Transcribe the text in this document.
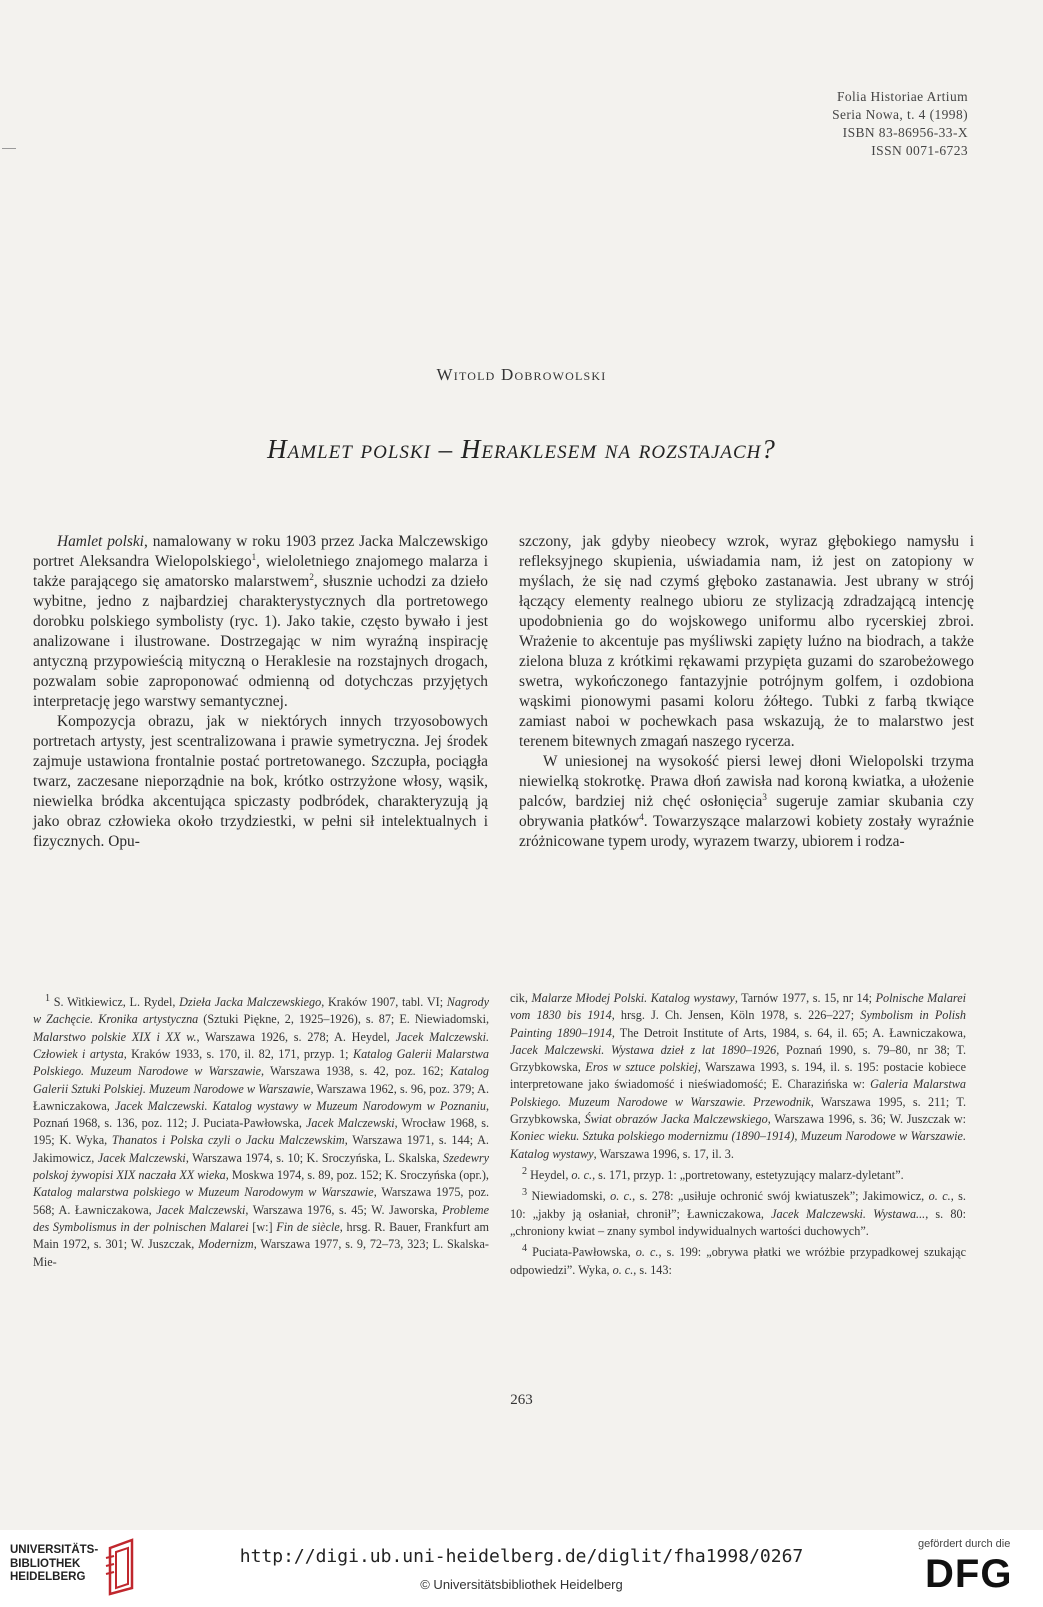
Folia Historiae Artium
Seria Nowa, t. 4 (1998)
ISBN 83-86956-33-X
ISSN 0071-6723
Witold Dobrowolski
Hamlet polski – Heraklesem na rozstajach?

Hamlet polski, namalowany w roku 1903 przez Jacka Malczewskigo portret Aleksandra Wielopolskiego$^1$, wieloletniego znajomego malarza i także parającego się amatorsko malarstwem$^2$, słusznie uchodzi za dzieło wybitne, jedno z najbardziej charakterystycznych dla portretowego dorobku polskiego symbolisty (ryc. 1). Jako takie, często bywało i jest analizowane i ilustrowane. Dostrzegając w nim wyraźną inspirację antyczną przypowieścią mityczną o Heraklesie na rozstajnych drogach, pozwalam sobie zaproponować odmienną od dotychczas przyjętych interpretację jego warstwy semantycznej.

Kompozycja obrazu, jak w niektórych innych trzyosobowych portretach artysty, jest scentralizowana i prawie symetryczna. Jej środek zajmuje ustawiona frontalnie postać portretowanego. Szczupła, pociągła twarz, zaczesane nieporządnie na bok, krótko ostrzyżone włosy, wąsik, niewielka bródka akcentująca spiczasty podbródek, charakteryzują ją jako obraz człowieka około trzydziestki, w pełni sił intelektualnych i fizycznych. Opu-

szczony, jak gdyby nieobecy wzrok, wyraz głębokiego namysłu i refleksyjnego skupienia, uświadamia nam, iż jest on zatopiony w myślach, że się nad czymś głęboko zastanawia. Jest ubrany w strój łączący elementy realnego ubioru ze stylizacją zdradzającą intencję upodobnienia go do wojskowego uniformu albo rycerskiej zbroi. Wrażenie to akcentuje pas myśliwski zapięty luźno na biodrach, a także zielona bluza z krótkimi rękawami przypięta guzami do szarobeżowego swetra, wykończonego fantazyjnie potrójnym golfem, i ozdobiona wąskimi pionowymi pasami koloru żółtego. Tubki z farbą tkwiące zamiast naboi w pochewkach pasa wskazują, że to malarstwo jest terenem bitewnych zmagań naszego rycerza.

W uniesionej na wysokość piersi lewej dłoni Wielopolski trzyma niewielką stokrotkę. Prawa dłoń zawisła nad koroną kwiatka, a ułożenie palców, bardziej niż chęć osłonięcia$^3$ sugeruje zamiar skubania czy obrywania płatków$^4$. Towarzyszące malarzowi kobiety zostały wyraźnie zróżnicowane typem urody, wyrazem twarzy, ubiorem i rodza-

$^1$ S. Witkiewicz, L. Rydel, Dzieła Jacka Malczewskiego, Kraków 1907, tabl. VI; Nagrody w Zachęcie. Kronika artystyczna (Sztuki Piękne, 2, 1925–1926), s. 87; E. Niewiadomski, Malarstwo polskie XIX i XX w., Warszawa 1926, s. 278; A. Heydel, Jacek Malczewski. Człowiek i artysta, Kraków 1933, s. 170, il. 82, 171, przyp. 1; Katalog Galerii Malarstwa Polskiego. Muzeum Narodowe w Warszawie, Warszawa 1938, s. 42, poz. 162; Katalog Galerii Sztuki Polskiej. Muzeum Narodowe w Warszawie, Warszawa 1962, s. 96, poz. 379; A. Ławniczakowa, Jacek Malczewski. Katalog wystawy w Muzeum Narodowym w Poznaniu, Poznań 1968, s. 136, poz. 112; J. Puciata-Pawłowska, Jacek Malczewski, Wrocław 1968, s. 195; K. Wyka, Thanatos i Polska czyli o Jacku Malczewskim, Warszawa 1971, s. 144; A. Jakimowicz, Jacek Malczewski, Warszawa 1974, s. 10; K. Sroczyńska, L. Skalska, Szedewry polskoj żywopisi XIX naczała XX wieka, Moskwa 1974, s. 89, poz. 152; K. Sroczyńska (opr.), Katalog malarstwa polskiego w Muzeum Narodowym w Warszawie, Warszawa 1975, poz. 568; A. Ławniczakowa, Jacek Malczewski, Warszawa 1976, s. 45; W. Jaworska, Probleme des Symbolismus in der polnischen Malarei [w:] Fin de siècle, hrsg. R. Bauer, Frankfurt am Main 1972, s. 301; W. Juszczak, Modernizm, Warszawa 1977, s. 9, 72–73, 323; L. Skalska-Mie-

cik, Malarze Młodej Polski. Katalog wystawy, Tarnów 1977, s. 15, nr 14; Polnische Malarei vom 1830 bis 1914, hrsg. J. Ch. Jensen, Köln 1978, s. 226–227; Symbolism in Polish Painting 1890–1914, The Detroit Institute of Arts, 1984, s. 64, il. 65; A. Ławniczakowa, Jacek Malczewski. Wystawa dzieł z lat 1890–1926, Poznań 1990, s. 79–80, nr 38; T. Grzybkowska, Eros w sztuce polskiej, Warszawa 1993, s. 194, il. s. 195: postacie kobiece interpretowane jako świadomość i nieświadomość; E. Charazińska w: Galeria Malarstwa Polskiego. Muzeum Narodowe w Warszawie. Przewodnik, Warszawa 1995, s. 211; T. Grzybkowska, Świat obrazów Jacka Malczewskiego, Warszawa 1996, s. 36; W. Juszczak w: Koniec wieku. Sztuka polskiego modernizmu (1890–1914), Muzeum Narodowe w Warszawie. Katalog wystawy, Warszawa 1996, s. 17, il. 3.

$^2$ Heydel, o. c., s. 171, przyp. 1: „portretowany, estetyzujący malarz-dyletant”.

$^3$ Niewiadomski, o. c., s. 278: „usiłuje ochronić swój kwiatuszek”; Jakimowicz, o. c., s. 10: „jakby ją osłaniał, chronił”; Ławniczakowa, Jacek Malczewski. Wystawa..., s. 80: „chroniony kwiat – znany symbol indywidualnych wartości duchowych”.

$^4$ Puciata-Pawłowska, o. c., s. 199: „obrywa płatki we wróżbie przypadkowej szukając odpowiedzi”. Wyka, o. c., s. 143:

263
UNIVERSITÄTS-
BIBLIOTHEK
HEIDELBERG
http://digi.ub.uni-heidelberg.de/diglit/fha1998/0267
© Universitätsbibliothek Heidelberg
gefördert durch die
DFG
